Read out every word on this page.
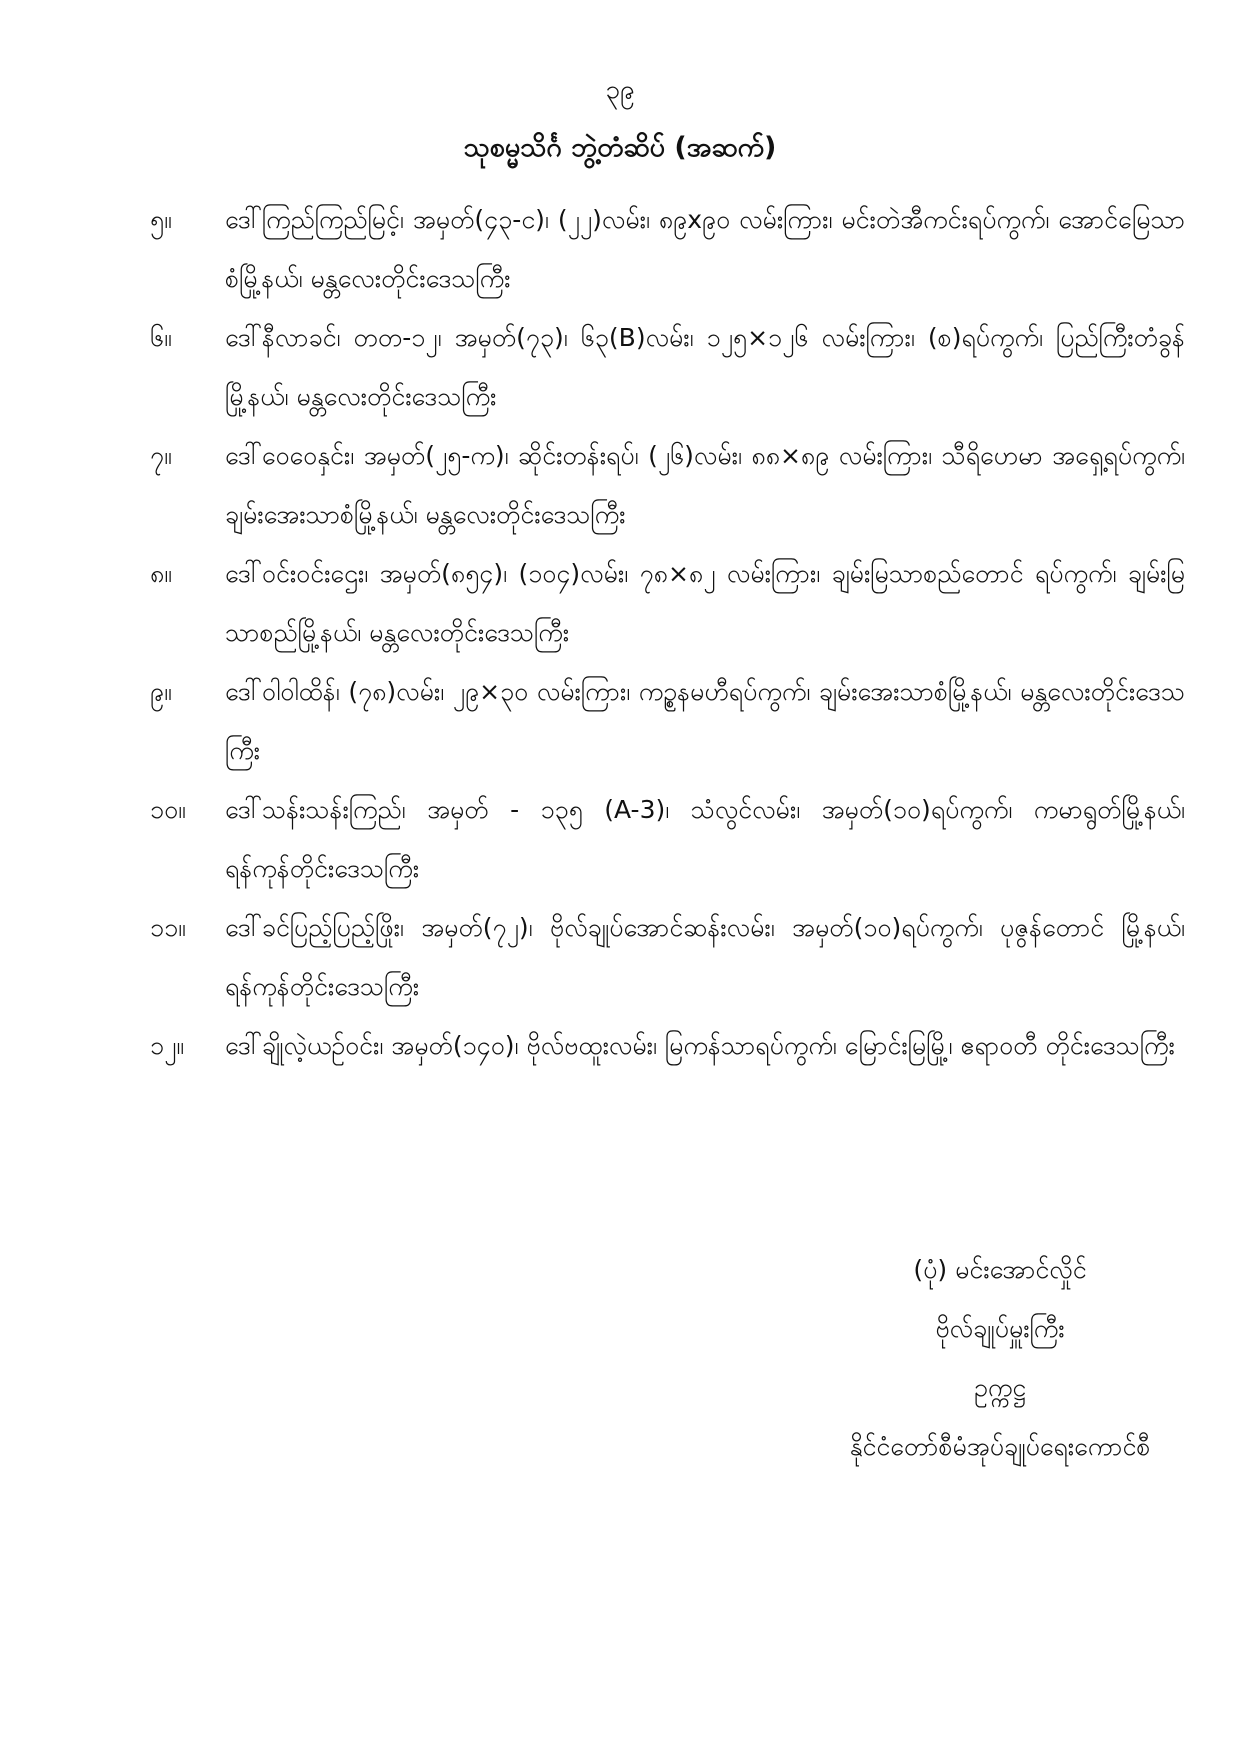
၃၉
သုစမ္မသိင်္ဂ ဘွဲ့တံဆိပ် (အဆက်)
၅။	ဒေါ်ကြည်ကြည်မြင့်၊ အမှတ်(၄၃-င)၊ (၂၂)လမ်း၊ ၈၉x၉၀ လမ်းကြား၊ မင်းတဲအီကင်းရပ်ကွက်၊ အောင်မြေသာစံမြို့နယ်၊ မန္တလေးတိုင်းဒေသကြီး
၆။	ဒေါ်နီလာခင်၊ တတ-၁၂၊ အမှတ်(၇၃)၊ ၆၃(B)လမ်း၊ ၁၂၅×၁၂၆ လမ်းကြား၊ (စ)ရပ်ကွက်၊ ပြည်ကြီးတံခွန်မြို့နယ်၊ မန္တလေးတိုင်းဒေသကြီး
၇။	ဒေါ်ဝေဝေနှင်း၊ အမှတ်(၂၅-က)၊ ဆိုင်းတန်းရပ်၊ (၂၆)လမ်း၊ ၈၈×၈၉ လမ်းကြား၊ သီရိဟေမာ အရှေ့ရပ်ကွက်၊ ချမ်းအေးသာစံမြို့နယ်၊ မန္တလေးတိုင်းဒေသကြီး
၈။	ဒေါ်ဝင်းဝင်းဌေး၊ အမှတ်(၈၅၄)၊ (၁၀၄)လမ်း၊ ၇၈×၈၂ လမ်းကြား၊ ချမ်းမြသာစည်တောင် ရပ်ကွက်၊ ချမ်းမြသာစည်မြို့နယ်၊ မန္တလေးတိုင်းဒေသကြီး
၉။	ဒေါ်ဝါဝါထိန်၊ (၇၈)လမ်း၊ ၂၉×၃၀ လမ်းကြား၊ ကဥ္စနမဟီရပ်ကွက်၊ ချမ်းအေးသာစံမြို့နယ်၊ မန္တလေးတိုင်းဒေသကြီး
၁၀။	ဒေါ်သန်းသန်းကြည်၊ အမှတ် - ၁၃၅ (A-3)၊ သံလွင်လမ်း၊ အမှတ်(၁၀)ရပ်ကွက်၊ ကမာရွတ်မြို့နယ်၊ ရန်ကုန်တိုင်းဒေသကြီး
၁၁။	ဒေါ်ခင်ပြည့်ပြည့်ဖြိုး၊ အမှတ်(၇၂)၊ ဗိုလ်ချုပ်အောင်ဆန်းလမ်း၊ အမှတ်(၁၀)ရပ်ကွက်၊ ပုဇွန်တောင် မြို့နယ်၊ ရန်ကုန်တိုင်းဒေသကြီး
၁၂။	ဒေါ်ချိုလဲ့ယဉ်ဝင်း၊ အမှတ်(၁၄၀)၊ ဗိုလ်ဗထူးလမ်း၊ မြကန်သာရပ်ကွက်၊ မြောင်းမြမြို့၊ ဧရာဝတီ တိုင်းဒေသကြီး
(ပုံ) မင်းအောင်လှိုင်
ဗိုလ်ချုပ်မှူးကြီး
ဥက္ကဋ္ဌ
နိုင်ငံတော်စီမံအုပ်ချုပ်ရေးကောင်စီ
